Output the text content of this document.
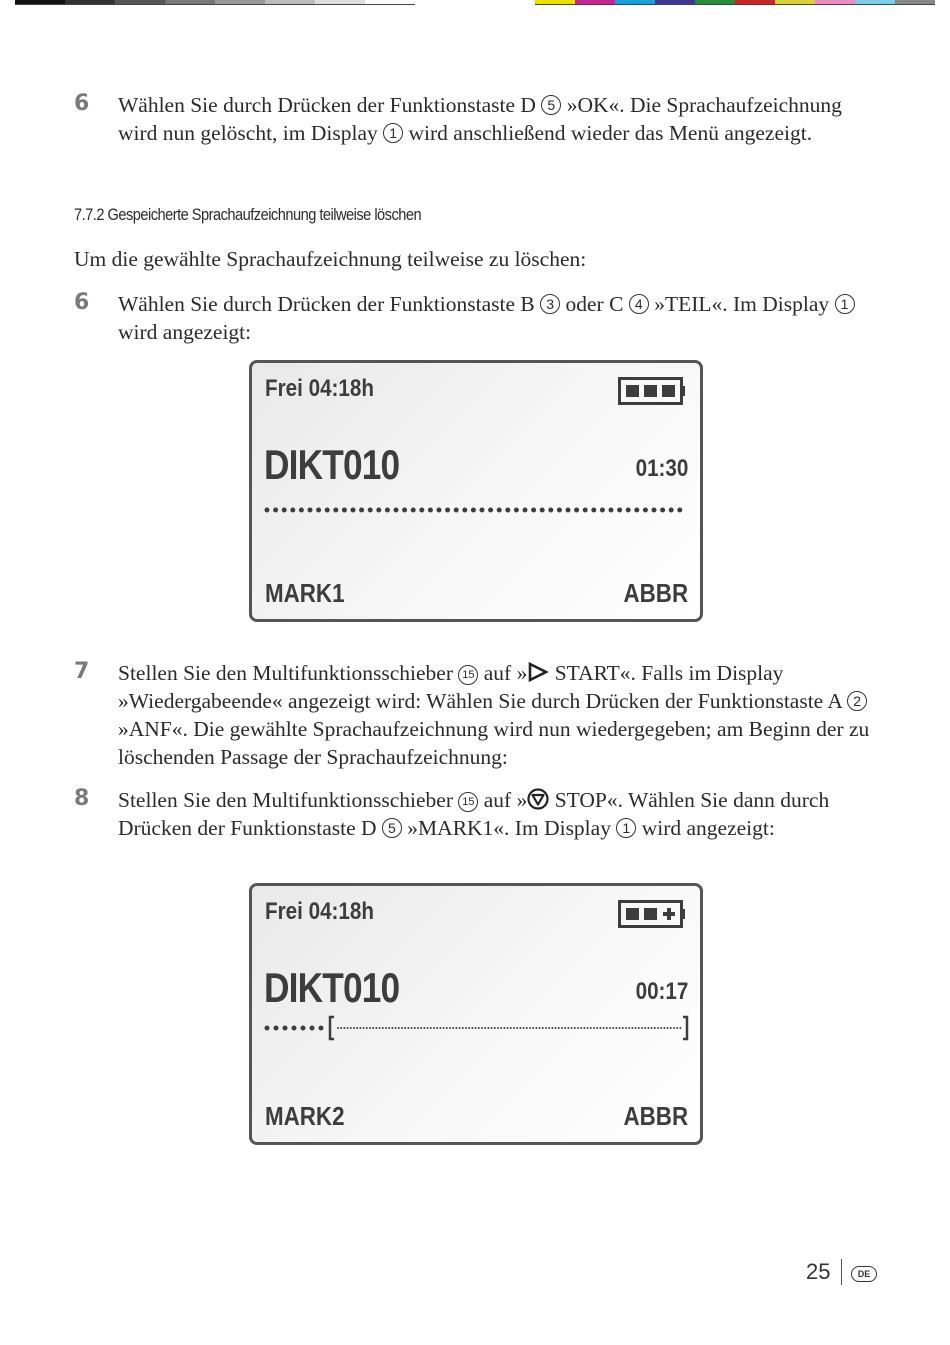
6 Wählen Sie durch Drücken der Funktionstaste D 5 »OK«. Die Sprachaufzeichnung wird nun gelöscht, im Display 1 wird anschließend wieder das Menü angezeigt.
7.7.2 Gespeicherte Sprachaufzeichnung teilweise löschen
Um die gewählte Sprachaufzeichnung teilweise zu löschen:
6 Wählen Sie durch Drücken der Funktionstaste B 3 oder C 4 »TEIL«. Im Display 1 wird angezeigt:
Frei 04:18h
DIKT010	01:30
MARK1	ABBR
7 Stellen Sie den Multifunktionsschieber 15 auf » START«. Falls im Display »Wiedergabeende« angezeigt wird: Wählen Sie durch Drücken der Funktionstaste A 2 »ANF«. Die gewählte Sprachaufzeichnung wird nun wiedergegeben; am Beginn der zu löschenden Passage der Sprachaufzeichnung:
8 Stellen Sie den Multifunktionsschieber 15 auf » STOP«. Wählen Sie dann durch Drücken der Funktionstaste D 5 »MARK1«. Im Display 1 wird angezeigt:
Frei 04:18h
DIKT010	00:17
MARK2	ABBR
25	DE
